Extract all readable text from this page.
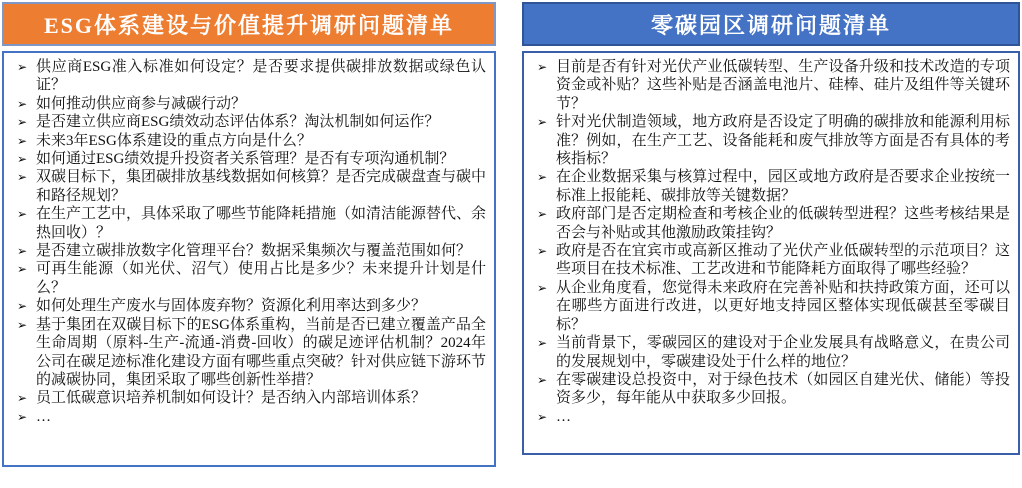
ESG体系建设与价值提升调研问题清单
➢ 供应商ESG准入标准如何设定？是否要求提供碳排放数据或绿色认证？
➢ 如何推动供应商参与减碳行动？
➢ 是否建立供应商ESG绩效动态评估体系？淘汰机制如何运作？
➢ 未来3年ESG体系建设的重点方向是什么？
➢ 如何通过ESG绩效提升投资者关系管理？是否有专项沟通机制？
➢ 双碳目标下，集团碳排放基线数据如何核算？是否完成碳盘查与碳中和路径规划？
➢ 在生产工艺中，具体采取了哪些节能降耗措施（如清洁能源替代、余热回收）？
➢ 是否建立碳排放数字化管理平台？数据采集频次与覆盖范围如何？
➢ 可再生能源（如光伏、沼气）使用占比是多少？未来提升计划是什么？
➢ 如何处理生产废水与固体废弃物？资源化利用率达到多少？
➢ 基于集团在双碳目标下的ESG体系重构，当前是否已建立覆盖产品全生命周期（原料-生产-流通-消费-回收）的碳足迹评估机制？2024年公司在碳足迹标准化建设方面有哪些重点突破？针对供应链下游环节的减碳协同，集团采取了哪些创新性举措？
➢ 员工低碳意识培养机制如何设计？是否纳入内部培训体系？
➢ …
零碳园区调研问题清单
➢ 目前是否有针对光伏产业低碳转型、生产设备升级和技术改造的专项资金或补贴？这些补贴是否涵盖电池片、硅棒、硅片及组件等关键环节？
➢ 针对光伏制造领域，地方政府是否设定了明确的碳排放和能源利用标准？例如，在生产工艺、设备能耗和废气排放等方面是否有具体的考核指标？
➢ 在企业数据采集与核算过程中，园区或地方政府是否要求企业按统一标准上报能耗、碳排放等关键数据？
➢ 政府部门是否定期检查和考核企业的低碳转型进程？这些考核结果是否会与补贴或其他激励政策挂钩？
➢ 政府是否在宜宾市或高新区推动了光伏产业低碳转型的示范项目？这些项目在技术标准、工艺改进和节能降耗方面取得了哪些经验？
➢ 从企业角度看，您觉得未来政府在完善补贴和扶持政策方面，还可以在哪些方面进行改进，以更好地支持园区整体实现低碳甚至零碳目标？
➢ 当前背景下，零碳园区的建设对于企业发展具有战略意义，在贵公司的发展规划中，零碳建设处于什么样的地位？
➢ 在零碳建设总投资中，对于绿色技术（如园区自建光伏、储能）等投资多少，每年能从中获取多少回报。
➢ …
